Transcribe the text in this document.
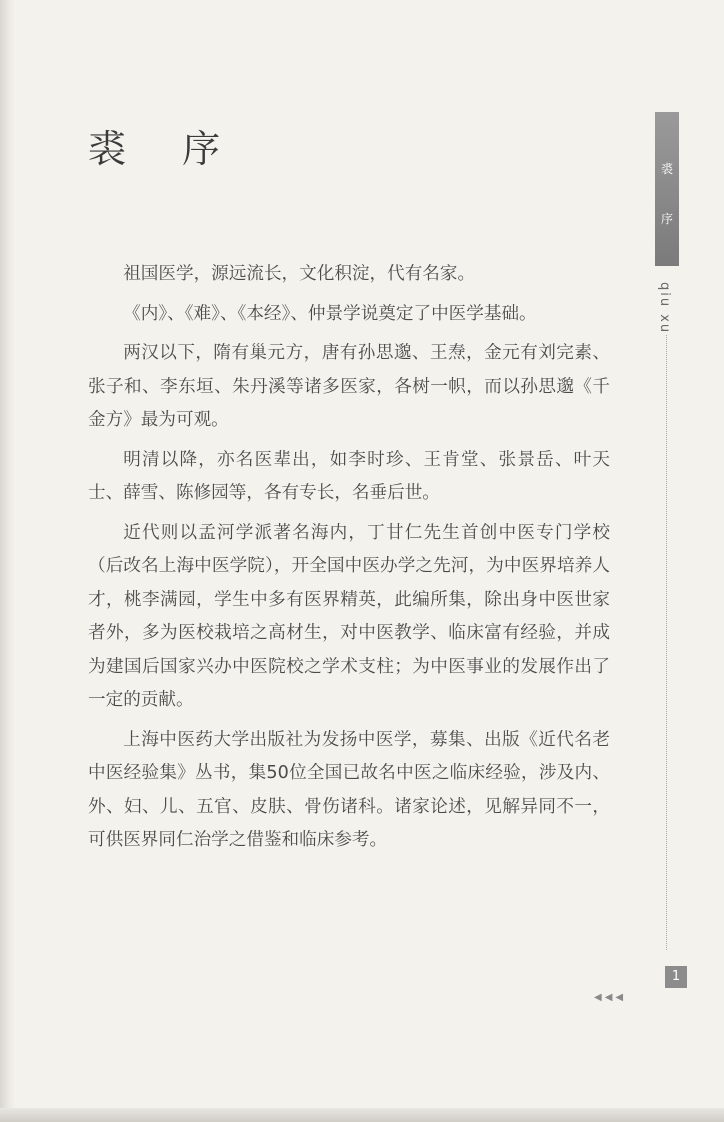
裘 序

祖国医学，源远流长，文化积淀，代有名家。

《内》、《难》、《本经》、仲景学说奠定了中医学基础。

两汉以下，隋有巢元方，唐有孙思邈、王焘，金元有刘完素、张子和、李东垣、朱丹溪等诸多医家，各树一帜，而以孙思邈《千金方》最为可观。

明清以降，亦名医辈出，如李时珍、王肯堂、张景岳、叶天士、薛雪、陈修园等，各有专长，名垂后世。

近代则以孟河学派著名海内，丁甘仁先生首创中医专门学校（后改名上海中医学院），开全国中医办学之先河，为中医界培养人才，桃李满园，学生中多有医界精英，此编所集，除出身中医世家者外，多为医校栽培之高材生，对中医教学、临床富有经验，并成为建国后国家兴办中医院校之学术支柱；为中医事业的发展作出了一定的贡献。

上海中医药大学出版社为发扬中医学，募集、出版《近代名老中医经验集》丛书，集50位全国已故名中医之临床经验，涉及内、外、妇、儿、五官、皮肤、骨伤诸科。诸家论述，见解异同不一，可供医界同仁治学之借鉴和临床参考。

裘
序
qiu xu
1
◀◀◀
